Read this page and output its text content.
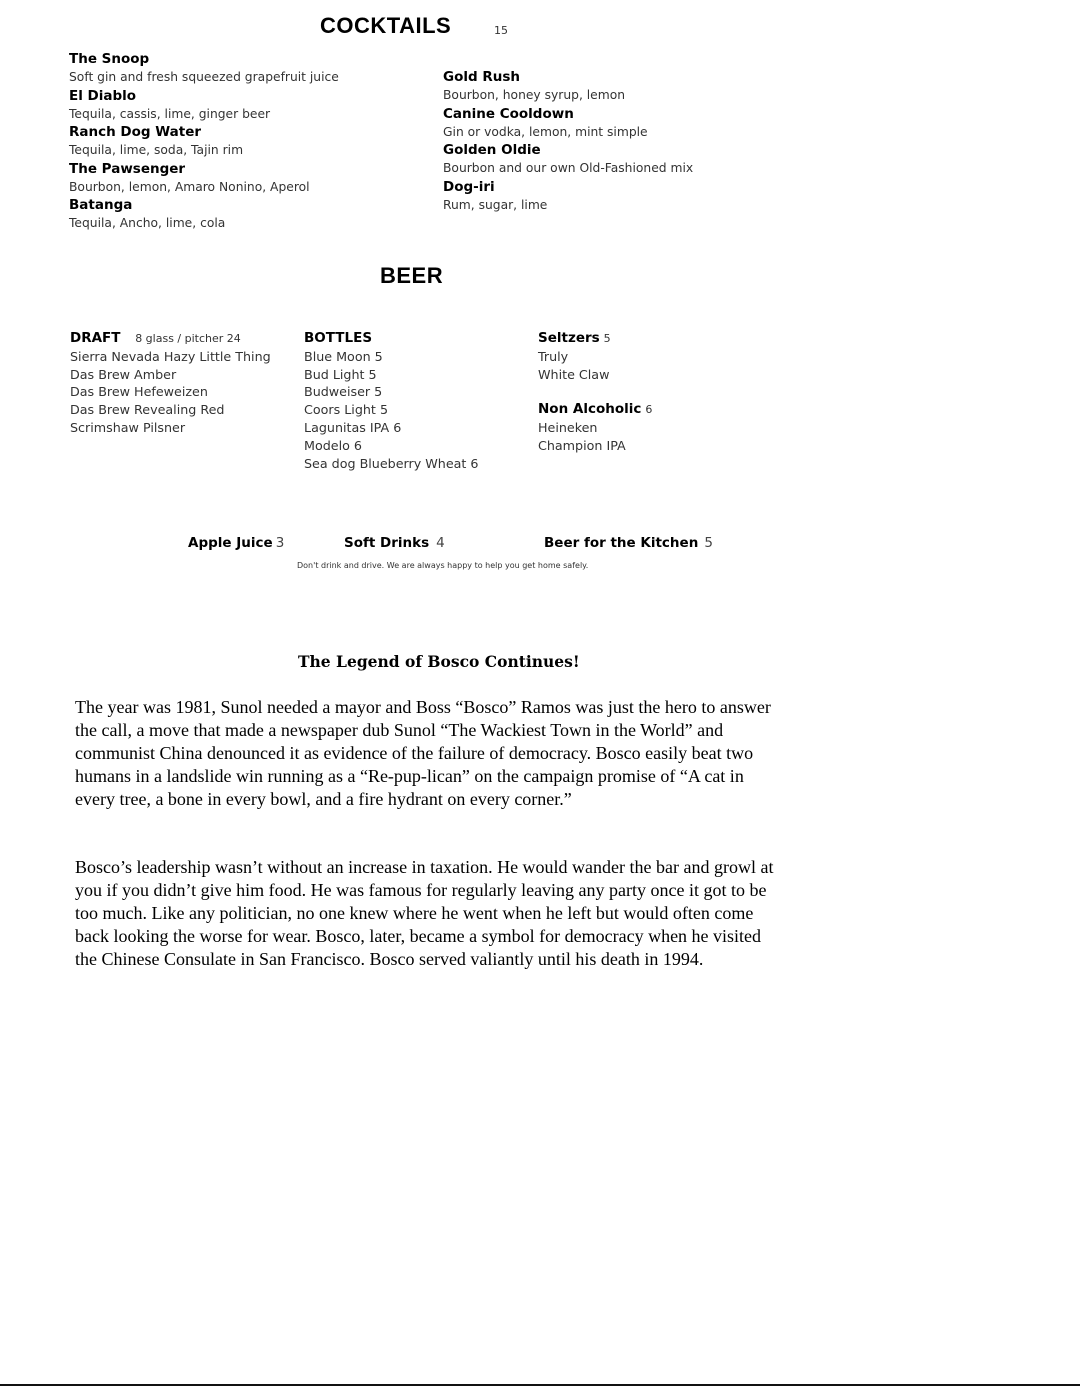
COCKTAILS	15
The Snoop
Soft gin and fresh squeezed grapefruit juice
El Diablo
Tequila, cassis, lime, ginger beer
Ranch Dog Water
Tequila, lime, soda, Tajin rim
The Pawsenger
Bourbon, lemon, Amaro Nonino, Aperol
Batanga
Tequila, Ancho, lime, cola
Gold Rush
Bourbon, honey syrup, lemon
Canine Cooldown
Gin or vodka, lemon, mint simple
Golden Oldie
Bourbon and our own Old-Fashioned mix
Dog-iri
Rum, sugar, lime
BEER
DRAFT 8 glass / pitcher 24
Sierra Nevada Hazy Little Thing
Das Brew Amber
Das Brew Hefeweizen
Das Brew Revealing Red
Scrimshaw Pilsner
BOTTLES
Blue Moon 5
Bud Light 5
Budweiser 5
Coors Light 5
Lagunitas IPA 6
Modelo 6
Sea dog Blueberry Wheat 6
Seltzers 5
Truly
White Claw
Non Alcoholic 6
Heineken
Champion IPA
Apple Juice 3	Soft Drinks 4	Beer for the Kitchen 5
Don't drink and drive. We are always happy to help you get home safely.
The Legend of Bosco Continues!

The year was 1981, Sunol needed a mayor and Boss “Bosco” Ramos was just the hero to answer the call, a move that made a newspaper dub Sunol “The Wackiest Town in the World” and communist China denounced it as evidence of the failure of democracy. Bosco easily beat two humans in a landslide win running as a “Re-pup-lican” on the campaign promise of “A cat in every tree, a bone in every bowl, and a fire hydrant on every corner.”

Bosco’s leadership wasn’t without an increase in taxation. He would wander the bar and growl at you if you didn’t give him food. He was famous for regularly leaving any party once it got to be too much. Like any politician, no one knew where he went when he left but would often come back looking the worse for wear. Bosco, later, became a symbol for democracy when he visited the Chinese Consulate in San Francisco. Bosco served valiantly until his death in 1994.
